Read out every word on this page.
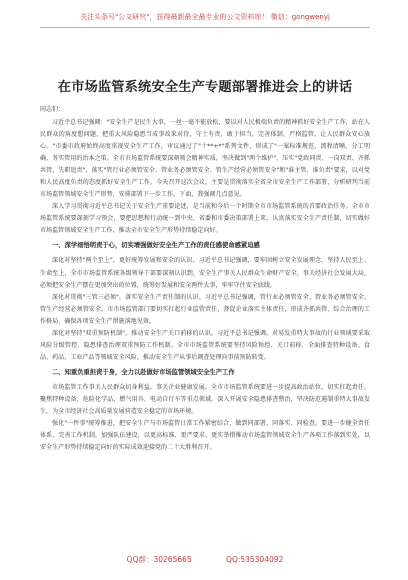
关注头条号"公文研究"，获得最新最全最专业的公文资料库！ 微信：gongwenyj
在市场监管系统安全生产专题部署推进会上的讲话

同志们：

习近平总书记强调："安全生产是民生大事，一丝一毫不能放松，要以对人民极端负责的精神抓好安全生产工作，站在人民群众的角度想问题，把重大风险隐患当成事故来对待，守土有责，敢于担当，完善体制，严格监管，让人民群众安心放心。"市委市政府始终高度重视安全生产工作，审议通过了"十**+*"系列文件，形成了"一案标准规范、流程清晰、分工明确、务实管用的治本之策。全市市场监管系统要深刻领会精神实质，坚决做到"两个维护"，压实"党政同责、一岗双责、齐抓共管、失职追责"，落实"管行业必须管安全、管业务必须管安全、管生产经营必须管安全"和"谁主管、谁负责"要求，以对党和人民高度负责的态度抓好安全生产工作。今天召开这次会议，主要是贯彻落实全省全市安全生产工作部署，分析研判当前市场监管领域安全生产形势，安排部署下一步工作。下面，我强调几点意见。

深入学习贯彻习近平总书记关于安全生产重要论述，是当前和今后一个时期全市市场监管系统的首要政治任务。全市市场监管系统要深刻学习领会，要把思想和行动统一到中央、省委和市委决策部署上来，认真落实安全生产责任制，切实做好市场监管领域安全生产工作，推动全市安全生产形势持续稳定向好。

一、深学细悟明责于心，切实增强做好安全生产工作的责任感使命感紧迫感

深化对坚持"两个至上"，更好统筹发展和安全的认识。习近平总书记强调，要牢固树立安全发展理念，坚持人民至上、生命至上，全市市场监管系统各级领导干部要深刻认识到，安全生产事关人民群众生命财产安全，事关经济社会发展大局，必须把安全生产摆在更加突出的位置，统筹好发展和安全两件大事，牢牢守住安全底线。

深化对贯彻"三管三必须"，落实安全生产责任制的认识。习近平总书记强调，管行业必须管安全、管业务必须管安全、管生产经营必须管安全。市市场监管部门要切实扛起行业监管责任，督促企业落实主体责任，形成齐抓共管、综合治理的工作格局，确保各项安全生产措施落地见效。

深化对坚持"双重预防机制"，推动安全生产关口前移的认识。习近平总书记强调，对易发重特大事故的行业领域要采取风险分级管控、隐患排查治理双重预防工作机制。全市市场监管系统要坚持风险预控、关口前移，全面排查特种设备、食品、药品、工业产品等领域安全风险，推动安全生产从事后调查处理向事前预防转变。

二、知重负重担责于身，全力以赴做好市场监管领域安全生产工作

市场监管工作事关人民群众切身利益，事关企业健康发展。全市市场监管系统要进一步提高政治站位，切实扛起责任，聚焦特种设备、危险化学品、燃气用具、电动自行车等重点领域，深入开展安全隐患排查整治，坚决防范遏制重特大事故发生，为全市经济社会高质量发展营造安全稳定的市场环境。

强化"一件事"统筹推进，把安全生产与市场监管日常工作紧密结合，做到同部署、同落实、同检查。要进一步健全责任体系，完善工作机制，加强队伍建设，以更高标准、更严要求、更实举措推动市场监管领域安全生产各项工作落到实处，以安全生产形势持续稳定向好的实际成效迎接党的二十大胜利召开。

QQ群：30265665	QQ:535304092
